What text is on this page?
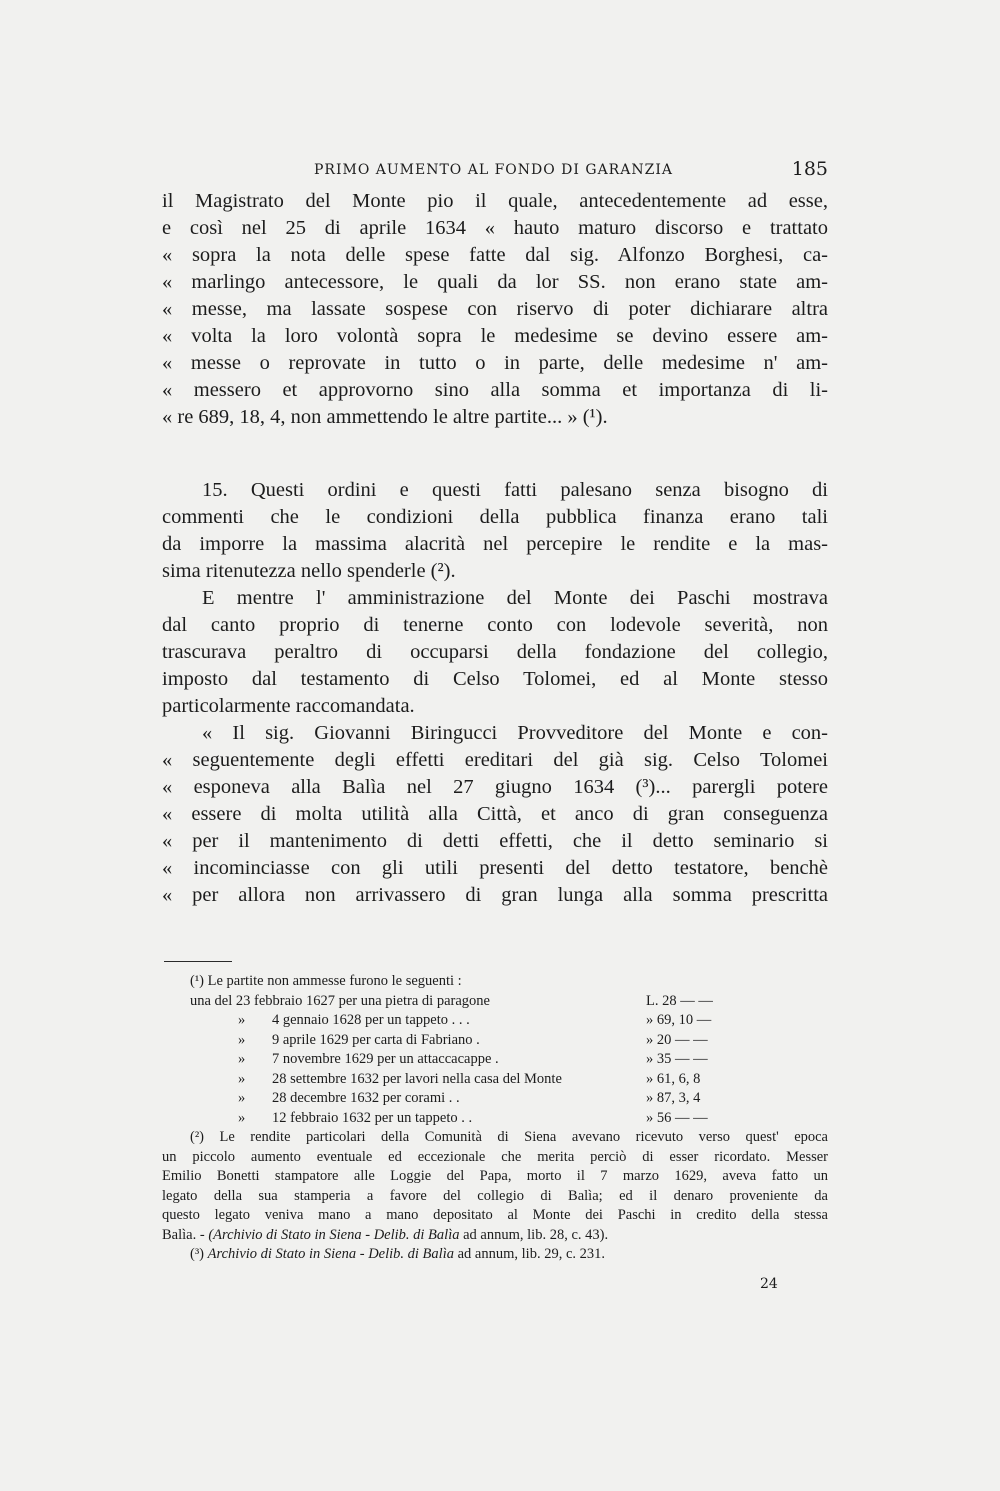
PRIMO AUMENTO AL FONDO DI GARANZIA	185
il Magistrato del Monte pio il quale, antecedentemente ad esse,
e così nel 25 di aprile 1634 « hauto maturo discorso e trattato
« sopra la nota delle spese fatte dal sig. Alfonzo Borghesi, ca-
« marlingo antecessore, le quali da lor SS. non erano state am-
« messe, ma lassate sospese con riservo di poter dichiarare altra
« volta la loro volontà sopra le medesime se devino essere am-
« messe o reprovate in tutto o in parte, delle medesime n' am-
« messero et approvorno sino alla somma et importanza di li-
« re 689, 18, 4, non ammettendo le altre partite... » (¹).
15. Questi ordini e questi fatti palesano senza bisogno di
commenti che le condizioni della pubblica finanza erano tali
da imporre la massima alacrità nel percepire le rendite e la mas-
sima ritenutezza nello spenderle (²).
E mentre l' amministrazione del Monte dei Paschi mostrava
dal canto proprio di tenerne conto con lodevole severità, non
trascurava peraltro di occuparsi della fondazione del collegio,
imposto dal testamento di Celso Tolomei, ed al Monte stesso
particolarmente raccomandata.
« Il sig. Giovanni Biringucci Provveditore del Monte e con-
« seguentemente degli effetti ereditari del già sig. Celso Tolomei
« esponeva alla Balìa nel 27 giugno 1634 (³)... parergli potere
« essere di molta utilità alla Città, et anco di gran conseguenza
« per il mantenimento di detti effetti, che il detto seminario si
« incominciasse con gli utili presenti del detto testatore, benchè
« per allora non arrivassero di gran lunga alla somma prescritta
(¹) Le partite non ammesse furono le seguenti :
una del 23 febbraio 1627 per una pietra di paragone	L. 28 — —
» 4 gennaio 1628 per un tappeto . . .	» 69, 10 —
» 9 aprile 1629 per carta di Fabriano .	» 20 — —
» 7 novembre 1629 per un attaccacappe .	» 35 — —
» 28 settembre 1632 per lavori nella casa del Monte	» 61, 6, 8
» 28 decembre 1632 per corami . .	» 87, 3, 4
» 12 febbraio 1632 per un tappeto . .	» 56 — —
(²) Le rendite particolari della Comunità di Siena avevano ricevuto verso quest' epoca
un piccolo aumento eventuale ed eccezionale che merita perciò di esser ricordato. Messer
Emilio Bonetti stampatore alle Loggie del Papa, morto il 7 marzo 1629, aveva fatto un
legato della sua stamperia a favore del collegio di Balìa; ed il denaro proveniente da
questo legato veniva mano a mano depositato al Monte dei Paschi in credito della stessa
Balìa. - (Archivio di Stato in Siena - Delib. di Balìa ad annum, lib. 28, c. 43).
(³) Archivio di Stato in Siena - Delib. di Balìa ad annum, lib. 29, c. 231.
24
